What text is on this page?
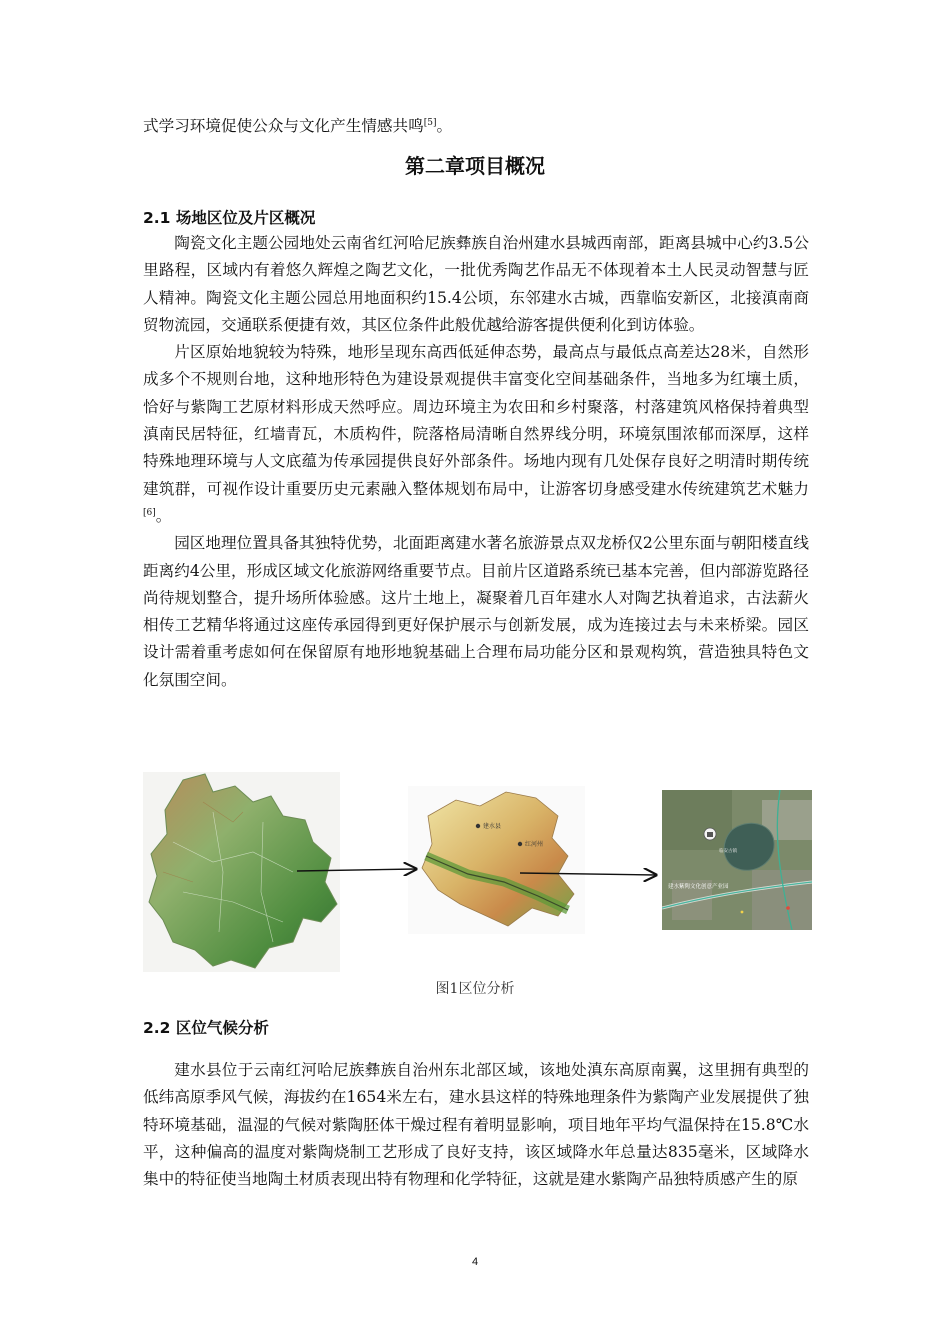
式学习环境促使公众与文化产生情感共鸣[5]。
第二章项目概况
2.1 场地区位及片区概况

陶瓷文化主题公园地处云南省红河哈尼族彝族自治州建水县城西南部，距离县城中心约3.5公里路程，区域内有着悠久辉煌之陶艺文化，一批优秀陶艺作品无不体现着本土人民灵动智慧与匠人精神。陶瓷文化主题公园总用地面积约15.4公顷，东邻建水古城，西靠临安新区，北接滇南商贸物流园，交通联系便捷有效，其区位条件此般优越给游客提供便利化到访体验。

片区原始地貌较为特殊，地形呈现东高西低延伸态势，最高点与最低点高差达28米，自然形成多个不规则台地，这种地形特色为建设景观提供丰富变化空间基础条件，当地多为红壤土质，恰好与紫陶工艺原材料形成天然呼应。周边环境主为农田和乡村聚落，村落建筑风格保持着典型滇南民居特征，红墙青瓦，木质构件，院落格局清晰自然界线分明，环境氛围浓郁而深厚，这样特殊地理环境与人文底蕴为传承园提供良好外部条件。场地内现有几处保存良好之明清时期传统建筑群，可视作设计重要历史元素融入整体规划布局中，让游客切身感受建水传统建筑艺术魅力[6]。

园区地理位置具备其独特优势，北面距离建水著名旅游景点双龙桥仅2公里东面与朝阳楼直线距离约4公里，形成区域文化旅游网络重要节点。目前片区道路系统已基本完善，但内部游览路径尚待规划整合，提升场所体验感。这片土地上，凝聚着几百年建水人对陶艺执着追求，古法薪火相传工艺精华将通过这座传承园得到更好保护展示与创新发展，成为连接过去与未来桥梁。园区设计需着重考虑如何在保留原有地形地貌基础上合理布局功能分区和景观构筑，营造独具特色文化氛围空间。

建水县
红河州
临安古镇
建水紫陶文化创意产业园
图1区位分析
2.2 区位气候分析

建水县位于云南红河哈尼族彝族自治州东北部区域，该地处滇东高原南翼，这里拥有典型的低纬高原季风气候，海拔约在1654米左右，建水县这样的特殊地理条件为紫陶产业发展提供了独特环境基础，温湿的气候对紫陶胚体干燥过程有着明显影响，项目地年平均气温保持在15.8℃水平，这种偏高的温度对紫陶烧制工艺形成了良好支持，该区域降水年总量达835毫米，区域降水集中的特征使当地陶土材质表现出特有物理和化学特征，这就是建水紫陶产品独特质感产生的原

4
